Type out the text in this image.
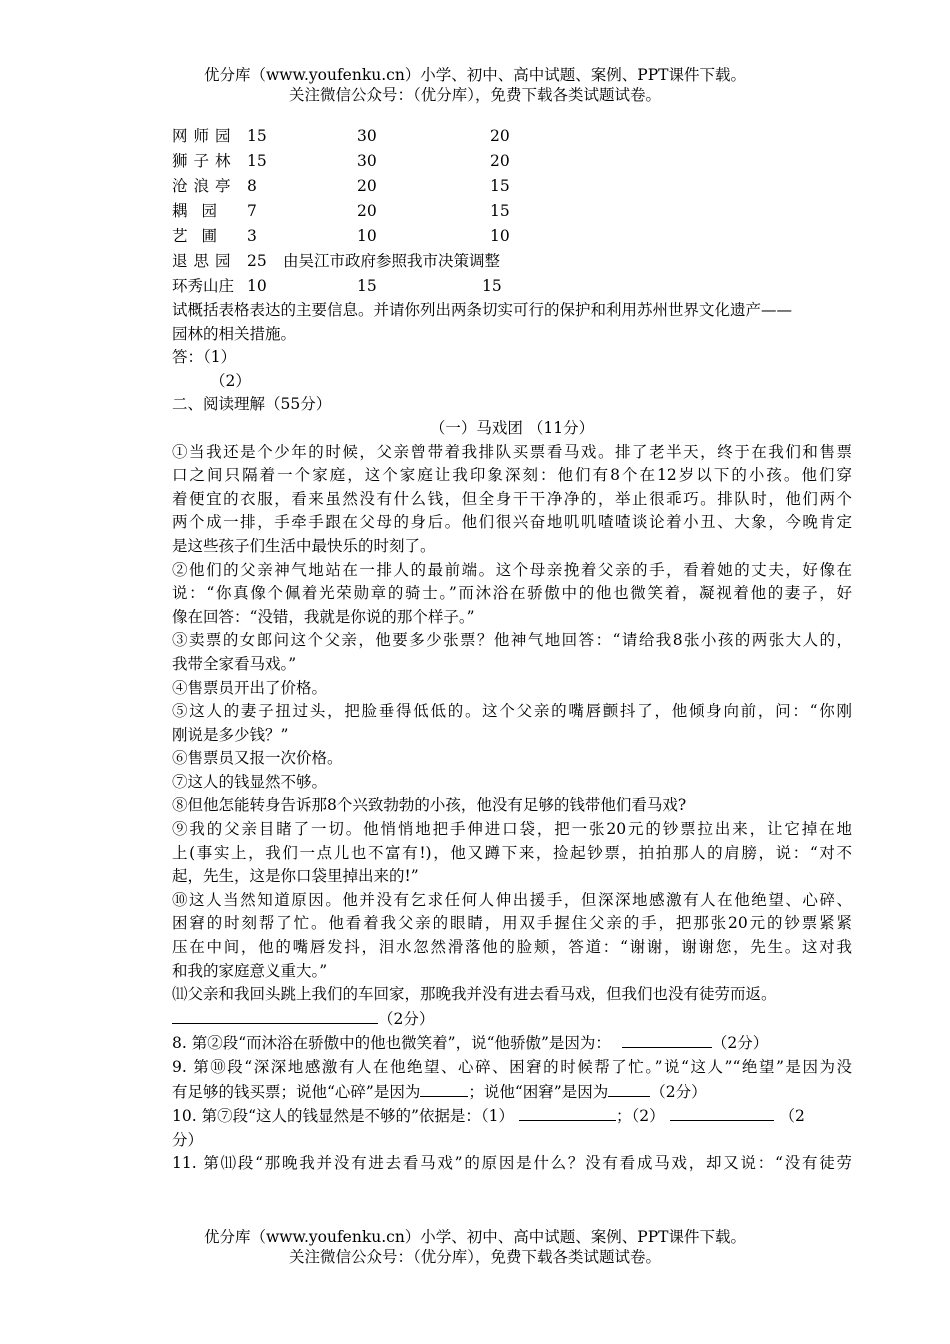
优分库（www.youfenku.cn）小学、初中、高中试题、案例、PPT课件下载。
关注微信公众号：（优分库），免费下载各类试题试卷。
网师园 15	30	20
狮子林 15	30	20
沧浪亭 8	20	15
耦园 7	20	15
艺圃 3	10	10
退思园 25 由吴江市政府参照我市决策调整
环秀山庄 10	15	15
试概括表格表达的主要信息。并请你列出两条切实可行的保护和利用苏州世界文化遗产——
园林的相关措施。
答：（1）
（2）
二、阅读理解（55分）
（一）马戏团 （11分）
①当我还是个少年的时候，父亲曾带着我排队买票看马戏。排了老半天，终于在我们和售票
口之间只隔着一个家庭，这个家庭让我印象深刻：他们有8个在12岁以下的小孩。他们穿
着便宜的衣服，看来虽然没有什么钱，但全身干干净净的，举止很乖巧。排队时，他们两个
两个成一排，手牵手跟在父母的身后。他们很兴奋地叽叽喳喳谈论着小丑、大象，今晚肯定
是这些孩子们生活中最快乐的时刻了。
②他们的父亲神气地站在一排人的最前端。这个母亲挽着父亲的手，看着她的丈夫，好像在
说：“你真像个佩着光荣勋章的骑士。”而沐浴在骄傲中的他也微笑着，凝视着他的妻子，好
像在回答：“没错，我就是你说的那个样子。”
③卖票的女郎问这个父亲，他要多少张票？他神气地回答：“请给我8张小孩的两张大人的，
我带全家看马戏。”
④售票员开出了价格。
⑤这人的妻子扭过头，把脸垂得低低的。这个父亲的嘴唇颤抖了，他倾身向前，问：“你刚
刚说是多少钱？”
⑥售票员又报一次价格。
⑦这人的钱显然不够。
⑧但他怎能转身告诉那8个兴致勃勃的小孩，他没有足够的钱带他们看马戏?
⑨我的父亲目睹了一切。他悄悄地把手伸进口袋，把一张20元的钞票拉出来，让它掉在地
上(事实上，我们一点儿也不富有!)，他又蹲下来，捡起钞票，拍拍那人的肩膀，说：“对不
起，先生，这是你口袋里掉出来的!”
⑩这人当然知道原因。他并没有乞求任何人伸出援手，但深深地感激有人在他绝望、心碎、
困窘的时刻帮了忙。他看着我父亲的眼睛，用双手握住父亲的手，把那张20元的钞票紧紧
压在中间，他的嘴唇发抖，泪水忽然滑落他的脸颊，答道：“谢谢，谢谢您，先生。这对我
和我的家庭意义重大。”
⑾父亲和我回头跳上我们的车回家，那晚我并没有进去看马戏，但我们也没有徒劳而返。
（2分）
8. 第②段“而沐浴在骄傲中的他也微笑着”，说“他骄傲”是因为：	（2分）
9. 第⑩段“深深地感激有人在他绝望、心碎、困窘的时候帮了忙。”说“这人”“绝望”是因为没
有足够的钱买票；说他“心碎”是因为	；说他“困窘”是因为	（2分）
10. 第⑦段“这人的钱显然是不够的”依据是：（1）	；（2）	（2
分）
11. 第⑾段“那晚我并没有进去看马戏”的原因是什么？没有看成马戏，却又说：“没有徒劳
优分库（www.youfenku.cn）小学、初中、高中试题、案例、PPT课件下载。
关注微信公众号：（优分库），免费下载各类试题试卷。
